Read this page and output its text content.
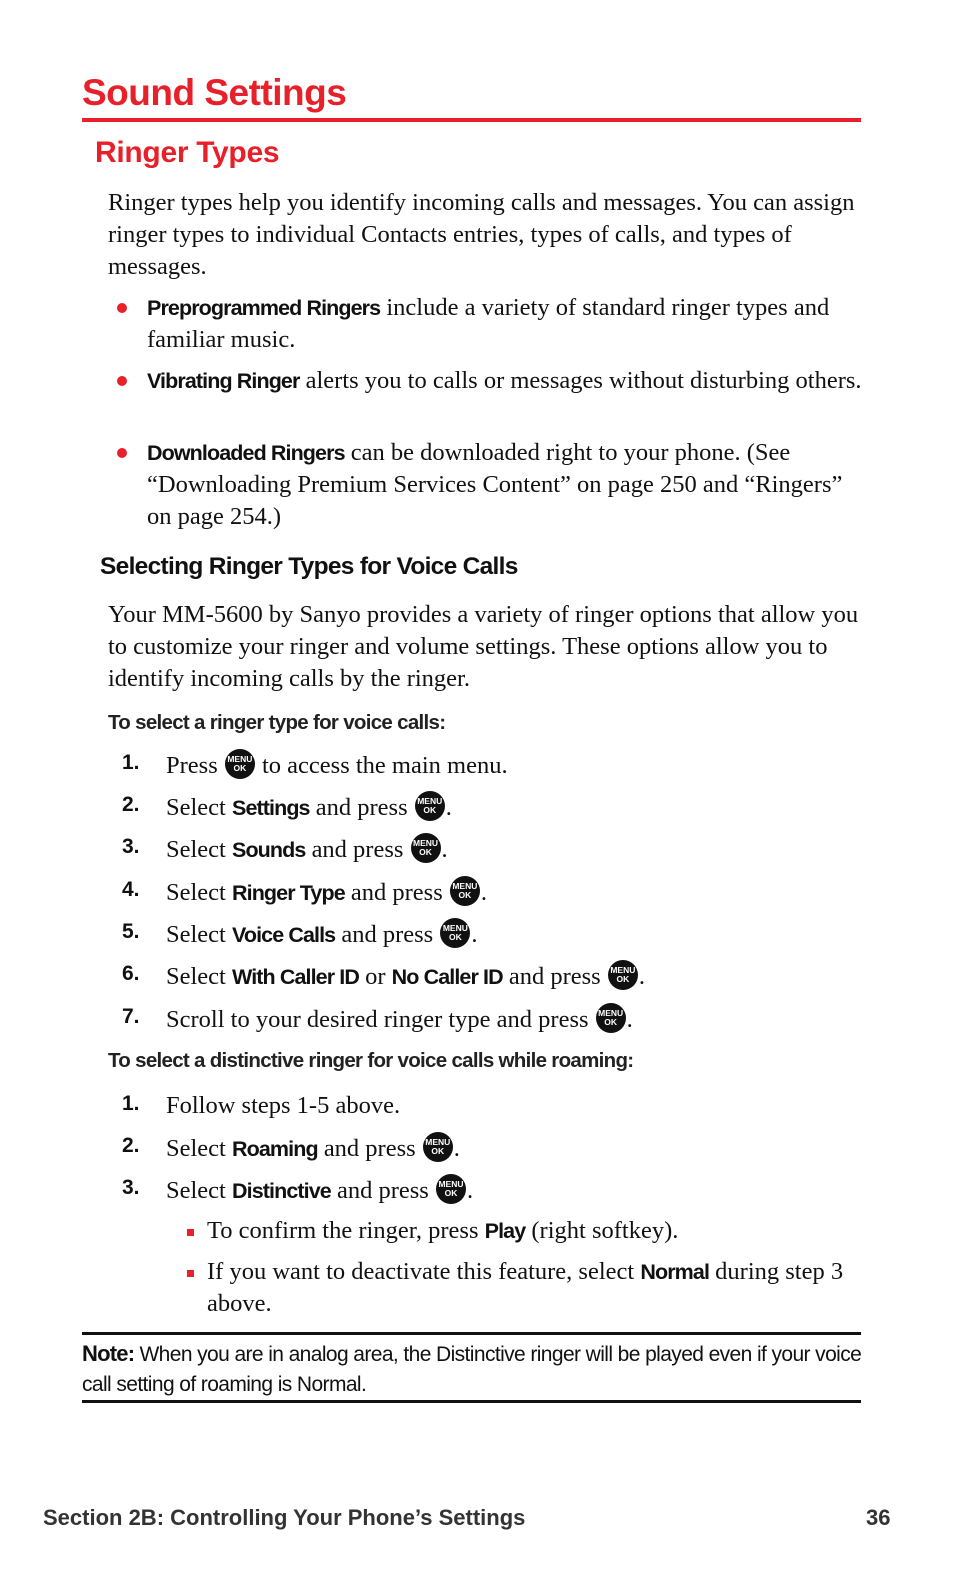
Sound Settings
Ringer Types

Ringer types help you identify incoming calls and messages. You can assign ringer types to individual Contacts entries, types of calls, and types of messages.

Preprogrammed Ringers include a variety of standard ringer types and familiar music.

Vibrating Ringer alerts you to calls or messages without disturbing others.

Downloaded Ringers can be downloaded right to your phone. (See “Downloading Premium Services Content” on page 250 and “Ringers” on page 254.)

Selecting Ringer Types for Voice Calls

Your MM-5600 by Sanyo provides a variety of ringer options that allow you to customize your ringer and volume settings. These options allow you to identify incoming calls by the ringer.

To select a ringer type for voice calls:
1. Press MENU
OK to access the main menu.
2. Select Settings and press MENU
OK .
3. Select Sounds and press MENU
OK .
4. Select Ringer Type and press MENU
OK .
5. Select Voice Calls and press MENU
OK .
6. Select With Caller ID or No Caller ID and press MENU
OK .
7. Scroll to your desired ringer type and press MENU
OK .
To select a distinctive ringer for voice calls while roaming:
1. Follow steps 1-5 above.
2. Select Roaming and press MENU
OK .
3. Select Distinctive and press MENU
OK .

To confirm the ringer, press Play (right softkey).

If you want to deactivate this feature, select Normal during step 3 above.

Note: When you are in analog area, the Distinctive ringer will be played even if your voice call setting of roaming is Normal.

Section 2B: Controlling Your Phone’s Settings	36
